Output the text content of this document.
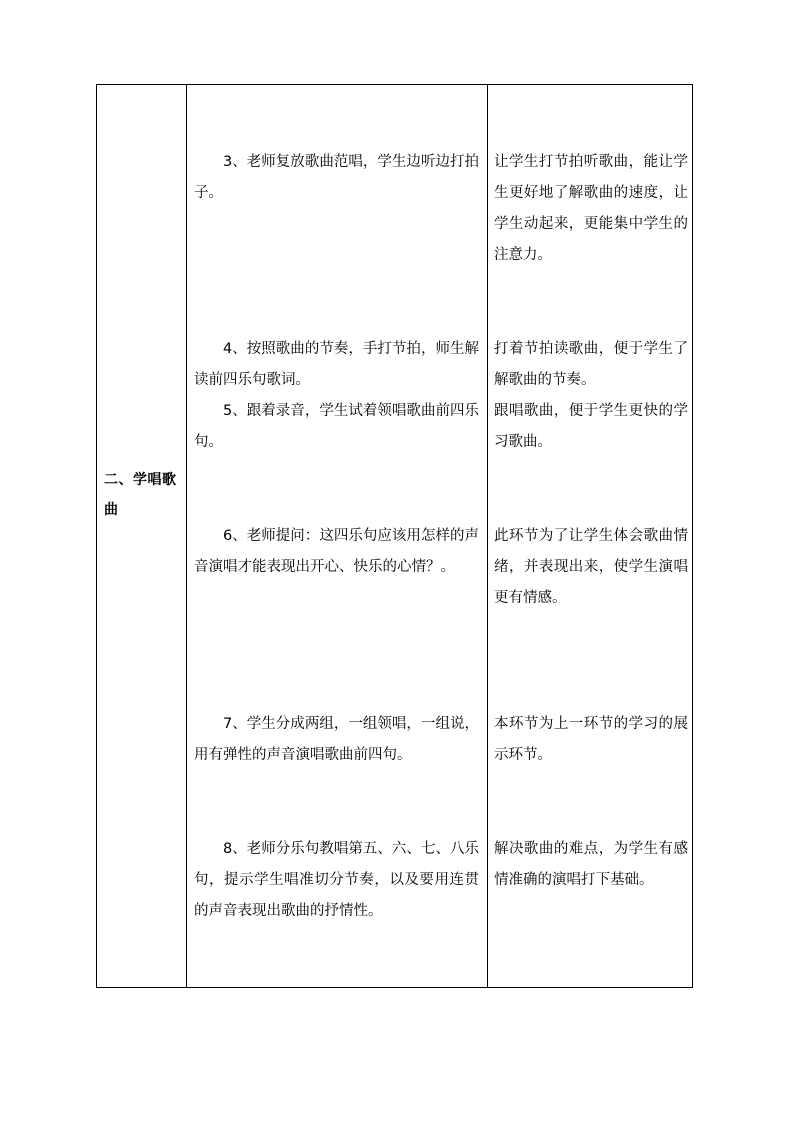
二、学唱歌曲

3、老师复放歌曲范唱，学生边听边打拍子。

让学生打节拍听歌曲，能让学生更好地了解歌曲的速度，让学生动起来，更能集中学生的注意力。

4、按照歌曲的节奏，手打节拍，师生解读前四乐句歌词。

5、跟着录音，学生试着领唱歌曲前四乐句。

打着节拍读歌曲，便于学生了解歌曲的节奏。

跟唱歌曲，便于学生更快的学习歌曲。

6、老师提问：这四乐句应该用怎样的声音演唱才能表现出开心、快乐的心情？。

此环节为了让学生体会歌曲情绪，并表现出来，使学生演唱更有情感。

7、学生分成两组，一组领唱，一组说，用有弹性的声音演唱歌曲前四句。

本环节为上一环节的学习的展示环节。

8、老师分乐句教唱第五、六、七、八乐句，提示学生唱准切分节奏，以及要用连贯的声音表现出歌曲的抒情性。

解决歌曲的难点，为学生有感情准确的演唱打下基础。
